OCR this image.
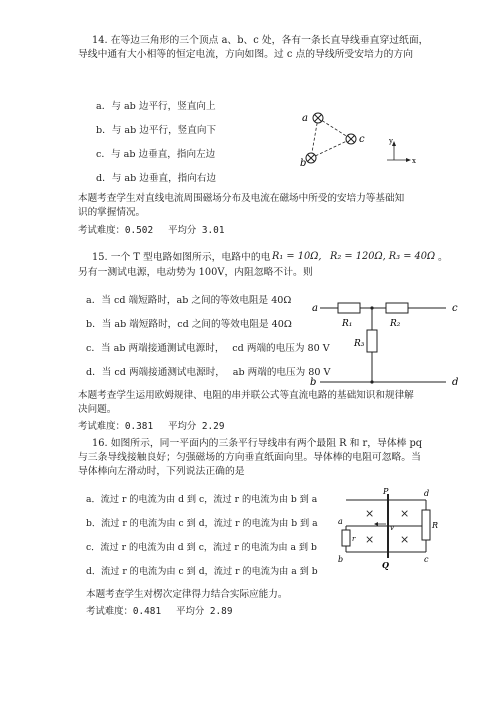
14. 在等边三角形的三个顶点 a、b、c 处，各有一条长直导线垂直穿过纸面，
导线中通有大小相等的恒定电流，方向如图。过 c 点的导线所受安培力的方向
a．与 ab 边平行，竖直向上
b．与 ab 边平行，竖直向下
c．与 ab 边垂直，指向左边
d．与 ab 边垂直，指向右边
a
c
b
y
x
本题考查学生对直线电流周围磁场分布及电流在磁场中所受的安培力等基础知
识的掌握情况。
考试难度：0.502　 平均分 3.01
15. 一个 T 型电路如图所示，电路中的电 R₁ = 10Ω, R₂ = 120Ω, R₃ = 40Ω 。
另有一测试电源，电动势为 100V，内阻忽略不计。则
a．当 cd 端短路时，ab 之间的等效电阻是 40Ω
b．当 ab 端短路时，cd 之间的等效电阻是 40Ω
c．当 ab 两端接通测试电源时，　 cd 两端的电压为 80 V
d．当 cd 两端接通测试电源时，　 ab 两端的电压为 80 V
a	c
b	d
R₁	R₂
R₃
本题考查学生运用欧姆规律、电阻的串并联公式等直流电路的基础知识和规律解
决问题。
考试难度：0.381　 平均分 2.29
16. 如图所示，同一平面内的三条平行导线串有两个最阻 R 和 r，导体棒 pq
与三条导线接触良好；匀强磁场的方向垂直纸面向里。导体棒的电阻可忽略。当
导体棒向左滑动时，下列说法正确的是
a．流过 r 的电流为由 d 到 c，流过 r 的电流为由 b 到 a
b．流过 r 的电流为由 c 到 d，流过 r 的电流为由 b 到 a
c．流过 r 的电流为由 d 到 c，流过 r 的电流为由 a 到 b
d．流过 r 的电流为由 c 到 d，流过 r 的电流为由 a 到 b
× ×
× ×
v
P
Q
d
c
a
b
r
R
本题考查学生对楞次定律得力结合实际应能力。
考试难度：0.481　 平均分 2.89
